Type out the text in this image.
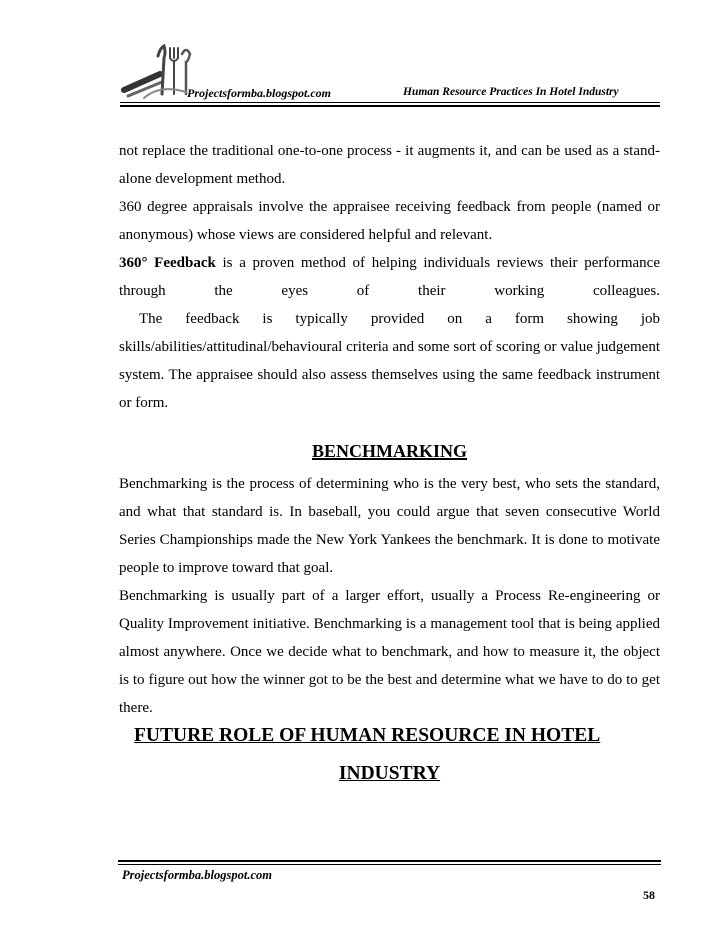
Projectsformba.blogspot.com	Human Resource Practices In Hotel Industry

not replace the traditional one-to-one process - it augments it, and can be used as a stand-alone development method.

360 degree appraisals involve the appraisee receiving feedback from people (named or anonymous) whose views are considered helpful and relevant.

360° Feedback is a proven method of helping individuals reviews their performance through the eyes of their working colleagues.

The feedback is typically provided on a form showing job skills/abilities/attitudinal/behavioural criteria and some sort of scoring or value judgement system. The appraisee should also assess themselves using the same feedback instrument or form.

BENCHMARKING

Benchmarking is the process of determining who is the very best, who sets the standard, and what that standard is. In baseball, you could argue that seven consecutive World Series Championships made the New York Yankees the benchmark. It is done to motivate people to improve toward that goal.

Benchmarking is usually part of a larger effort, usually a Process Re-engineering or Quality Improvement initiative. Benchmarking is a management tool that is being applied almost anywhere. Once we decide what to benchmark, and how to measure it, the object is to figure out how the winner got to be the best and determine what we have to do to get there.

FUTURE ROLE OF HUMAN RESOURCE IN HOTEL
INDUSTRY
Projectsformba.blogspot.com
58
